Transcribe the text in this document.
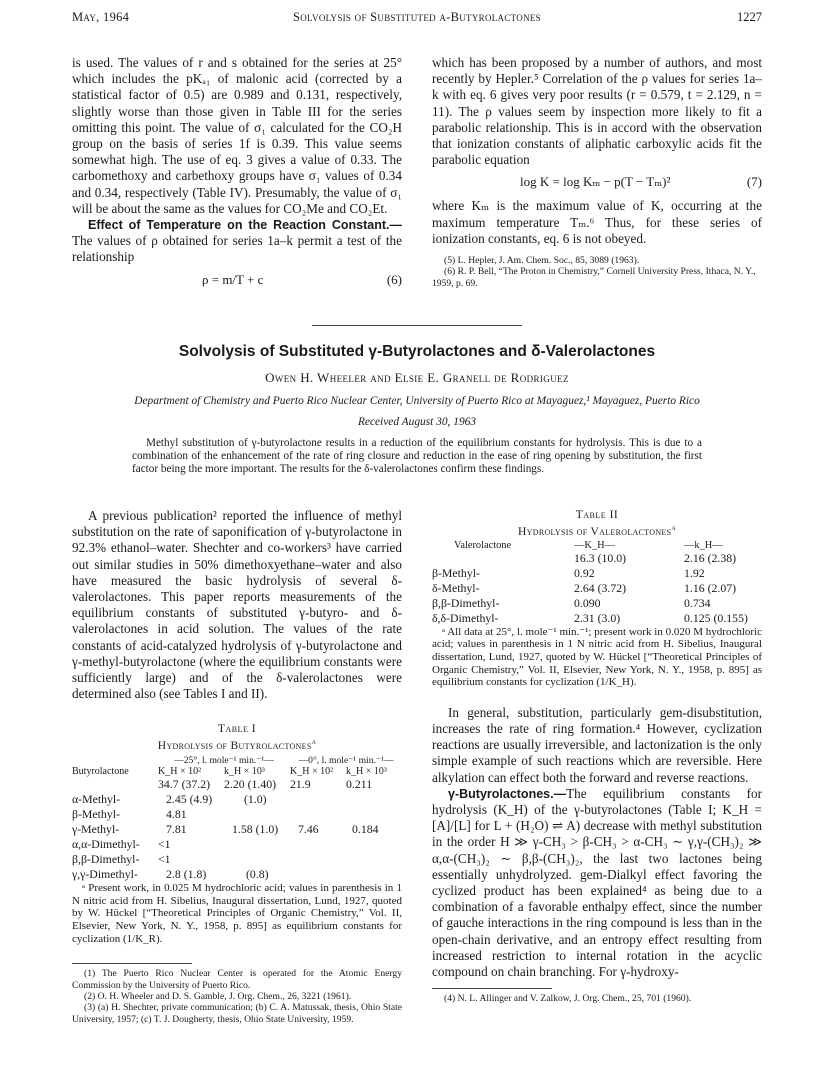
May, 1964	Solvolysis of Substituted α-Butyrolactones	1227

is used. The values of r and s obtained for the series at 25° which includes the pKₐ₁ of malonic acid (corrected by a statistical factor of 0.5) are 0.989 and 0.131, respectively, slightly worse than those given in Table III for the series omitting this point. The value of σ₁ calculated for the CO₂H group on the basis of series 1f is 0.39. This value seems somewhat high. The use of eq. 3 gives a value of 0.33. The carbomethoxy and carbethoxy groups have σ₁ values of 0.34 and 0.34, respectively (Table IV). Presumably, the value of σ₁ will be about the same as the values for CO₂Me and CO₂Et.

Effect of Temperature on the Reaction Constant.— The values of ρ obtained for series 1a–k permit a test of the relationship

ρ = m/T + c	(6)

which has been proposed by a number of authors, and most recently by Hepler.⁵ Correlation of the ρ values for series 1a–k with eq. 6 gives very poor results (r = 0.579, t = 2.129, n = 11). The ρ values seem by inspection more likely to fit a parabolic relationship. This is in accord with the observation that ionization constants of aliphatic carboxylic acids fit the parabolic equation

log K = log Kₘ − p(T − Tₘ)²	(7)

where Kₘ is the maximum value of K, occurring at the maximum temperature Tₘ.⁶ Thus, for these series of ionization constants, eq. 6 is not obeyed.

(5) L. Hepler, J. Am. Chem. Soc., 85, 3089 (1963).

(6) R. P. Bell, “The Proton in Chemistry,” Cornell University Press, Ithaca, N. Y., 1959, p. 69.

Solvolysis of Substituted γ-Butyrolactones and δ-Valerolactones
Owen H. Wheeler and Elsie E. Granell de Rodriguez
Department of Chemistry and Puerto Rico Nuclear Center, University of Puerto Rico at Mayaguez,¹ Mayaguez, Puerto Rico
Received August 30, 1963
Methyl substitution of γ-butyrolactone results in a reduction of the equilibrium constants for hydrolysis. This is due to a combination of the enhancement of the rate of ring closure and reduction in the ease of ring opening by substitution, the first factor being the more important. The results for the δ-valerolactones confirm these findings.

A previous publication² reported the influence of methyl substitution on the rate of saponification of γ-butyrolactone in 92.3% ethanol–water. Shechter and co-workers³ have carried out similar studies in 50% dimethoxyethane–water and also have measured the basic hydrolysis of several δ-valerolactones. This paper reports measurements of the equilibrium constants of substituted γ-butyro- and δ-valerolactones in acid solution. The values of the rate constants of acid-catalyzed hydrolysis of γ-butyrolactone and γ-methyl-butyrolactone (where the equilibrium constants were sufficiently large) and of the δ-valerolactones were determined also (see Tables I and II).

Table I
Hydrolysis of Butyrolactones$^a$
	—25°, l. mole⁻¹ min.⁻¹—		—0°, l. mole⁻¹ min.⁻¹—	
Butyrolactone	K_H × 10²	k_H × 10³	K_H × 10²	k_H × 10³
	34.7 (37.2)	2.20 (1.40)	21.9	0.211
α-Methyl-	2.45 (4.9)	(1.0)		
β-Methyl-	4.81			
γ-Methyl-	7.81	1.58 (1.0)	7.46	0.184
α,α-Dimethyl-	<1			
β,β-Dimethyl-	<1			
γ,γ-Dimethyl-	2.8 (1.8)	(0.8)		

ᵃ Present work, in 0.025 M hydrochloric acid; values in parenthesis in 1 N nitric acid from H. Sibelius, Inaugural dissertation, Lund, 1927, quoted by W. Hückel [“Theoretical Principles of Organic Chemistry,” Vol. II, Elsevier, New York, N. Y., 1958, p. 895] as equilibrium constants for cyclization (1/K_R).

(1) The Puerto Rico Nuclear Center is operated for the Atomic Energy Commission by the University of Puerto Rico.

(2) O. H. Wheeler and D. S. Gamble, J. Org. Chem., 26, 3221 (1961).

(3) (a) H. Shechter, private communication; (b) C. A. Matussak, thesis, Ohio State University, 1957; (c) T. J. Dougherty, thesis, Ohio State University, 1959.

Table II
Hydrolysis of Valerolactones$^a$
Valerolactone	—K_H—	—k_H—
	16.3 (10.0)	2.16 (2.38)
β-Methyl-	0.92	1.92
δ-Methyl-	2.64 (3.72)	1.16 (2.07)
β,β-Dimethyl-	0.090	0.734
δ,δ-Dimethyl-	2.31 (3.0)	0.125 (0.155)

ᵃ All data at 25°, l. mole⁻¹ min.⁻¹; present work in 0.020 M hydrochloric acid; values in parenthesis in 1 N nitric acid from H. Sibelius, Inaugural dissertation, Lund, 1927, quoted by W. Hückel [“Theoretical Principles of Organic Chemistry,” Vol. II, Elsevier, New York, N. Y., 1958, p. 895] as equilibrium constants for cyclization (1/K_H).

In general, substitution, particularly gem-disubstitution, increases the rate of ring formation.⁴ However, cyclization reactions are usually irreversible, and lactonization is the only simple example of such reactions which are reversible. Here alkylation can effect both the forward and reverse reactions.

γ-Butyrolactones.—The equilibrium constants for hydrolysis (K_H) of the γ-butyrolactones (Table I; K_H = [A]/[L] for L + (H₂O) ⇌ A) decrease with methyl substitution in the order H ≫ γ-CH₃ > β-CH₃ > α-CH₃ ∼ γ,γ-(CH₃)₂ ≫ α,α-(CH₃)₂ ∼ β,β-(CH₃)₂, the last two lactones being essentially unhydrolyzed. gem-Dialkyl effect favoring the cyclized product has been explained⁴ as being due to a combination of a favorable enthalpy effect, since the number of gauche interactions in the ring compound is less than in the open-chain derivative, and an entropy effect resulting from increased restriction to internal rotation in the acyclic compound on chain branching. For γ-hydroxy-

(4) N. L. Allinger and V. Zalkow, J. Org. Chem., 25, 701 (1960).
